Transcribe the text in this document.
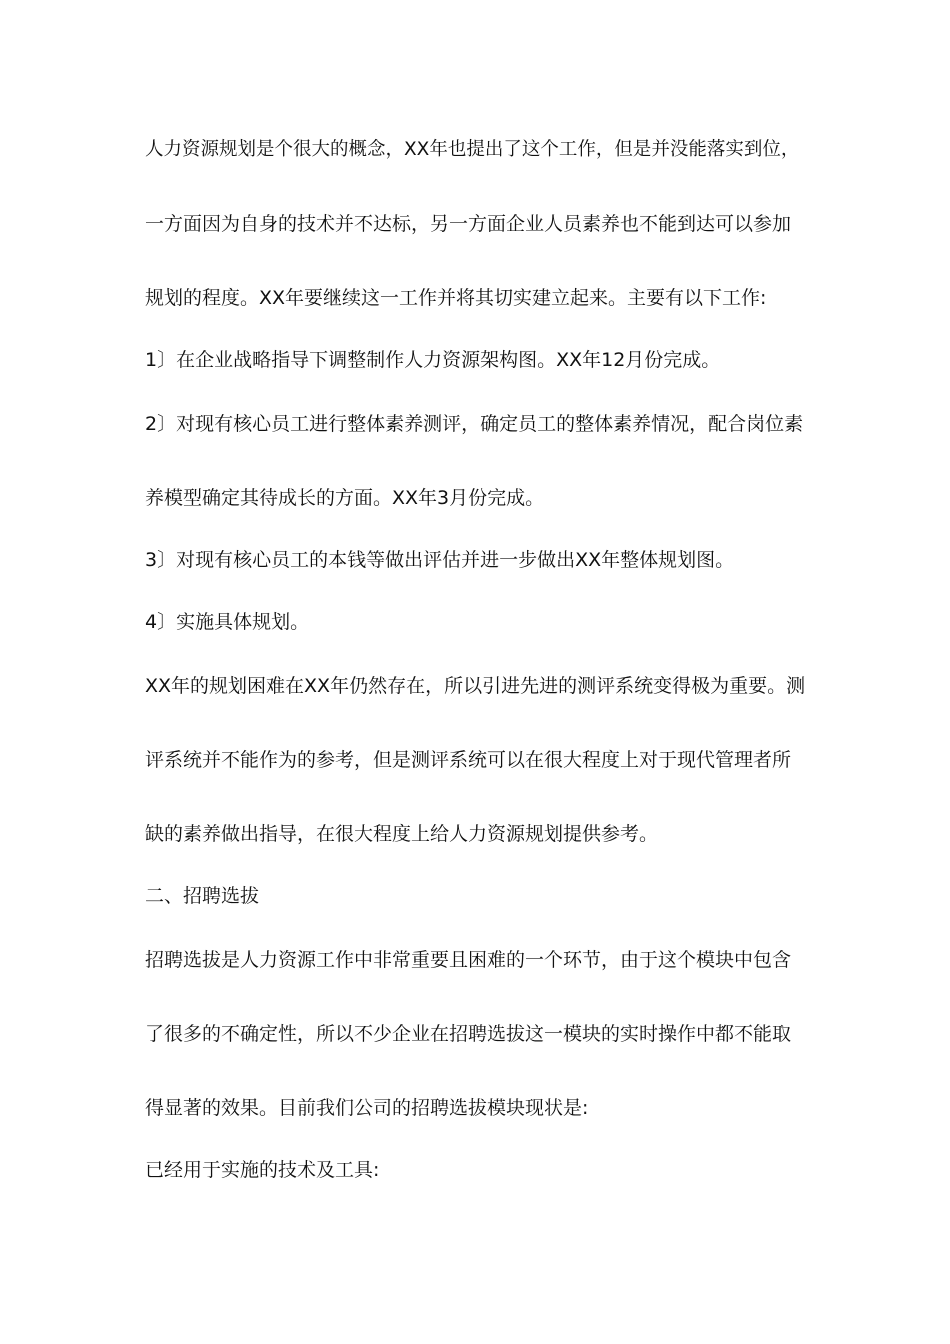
人力资源规划是个很大的概念，XX年也提出了这个工作，但是并没能落实到位，
一方面因为自身的技术并不达标，另一方面企业人员素养也不能到达可以参加
规划的程度。XX年要继续这一工作并将其切实建立起来。主要有以下工作:
1〕在企业战略指导下调整制作人力资源架构图。XX年12月份完成。
2〕对现有核心员工进行整体素养测评，确定员工的整体素养情况，配合岗位素
养模型确定其待成长的方面。XX年3月份完成。
3〕对现有核心员工的本钱等做出评估并进一步做出XX年整体规划图。
4〕实施具体规划。
XX年的规划困难在XX年仍然存在，所以引进先进的测评系统变得极为重要。测
评系统并不能作为的参考，但是测评系统可以在很大程度上对于现代管理者所
缺的素养做出指导，在很大程度上给人力资源规划提供参考。
二、招聘选拔
招聘选拔是人力资源工作中非常重要且困难的一个环节，由于这个模块中包含
了很多的不确定性，所以不少企业在招聘选拔这一模块的实时操作中都不能取
得显著的效果。目前我们公司的招聘选拔模块现状是:
已经用于实施的技术及工具:
